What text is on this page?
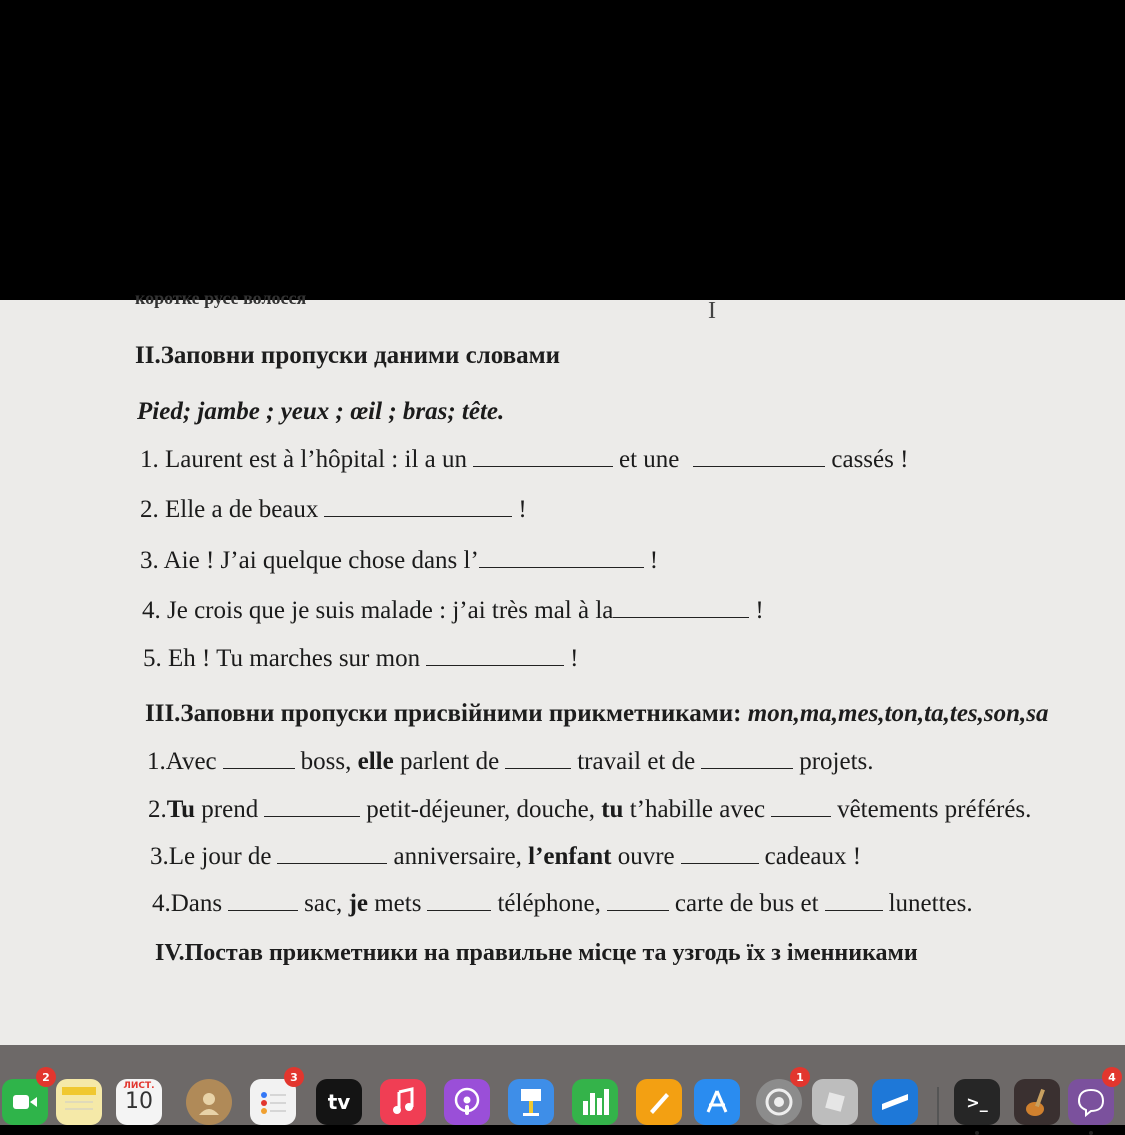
коротке русе волосся	I
II.Заповни пропуски даними словами
Pied; jambe ; yeux ; œil ; bras; tête.
1. Laurent est à l’hôpital : il a un	et une	cassés !
2. Elle a de beaux	!
3. Aie ! J’ai quelque chose dans l’	!
4. Je crois que je suis malade : j’ai très mal à la	!
5. Eh ! Tu marches sur mon	!
III.Заповни пропуски присвійними прикметниками: mon,ma,mes,ton,ta,tes,son,sa
1.Avec	boss, elle parlent de	travail et de	projets.
2.Tu prend	petit-déjeuner, douche, tu t’habille avec	vêtements préférés.
3.Le jour de	anniversaire, l’enfant ouvre	cadeaux !
4.Dans	sac, je mets	téléphone,	carte de bus et	lunettes.
IV.Постав прикметники на правильне місце та узгодь їх з іменниками
2
ЛИСТ.
10
3
tv
1
>_
4
